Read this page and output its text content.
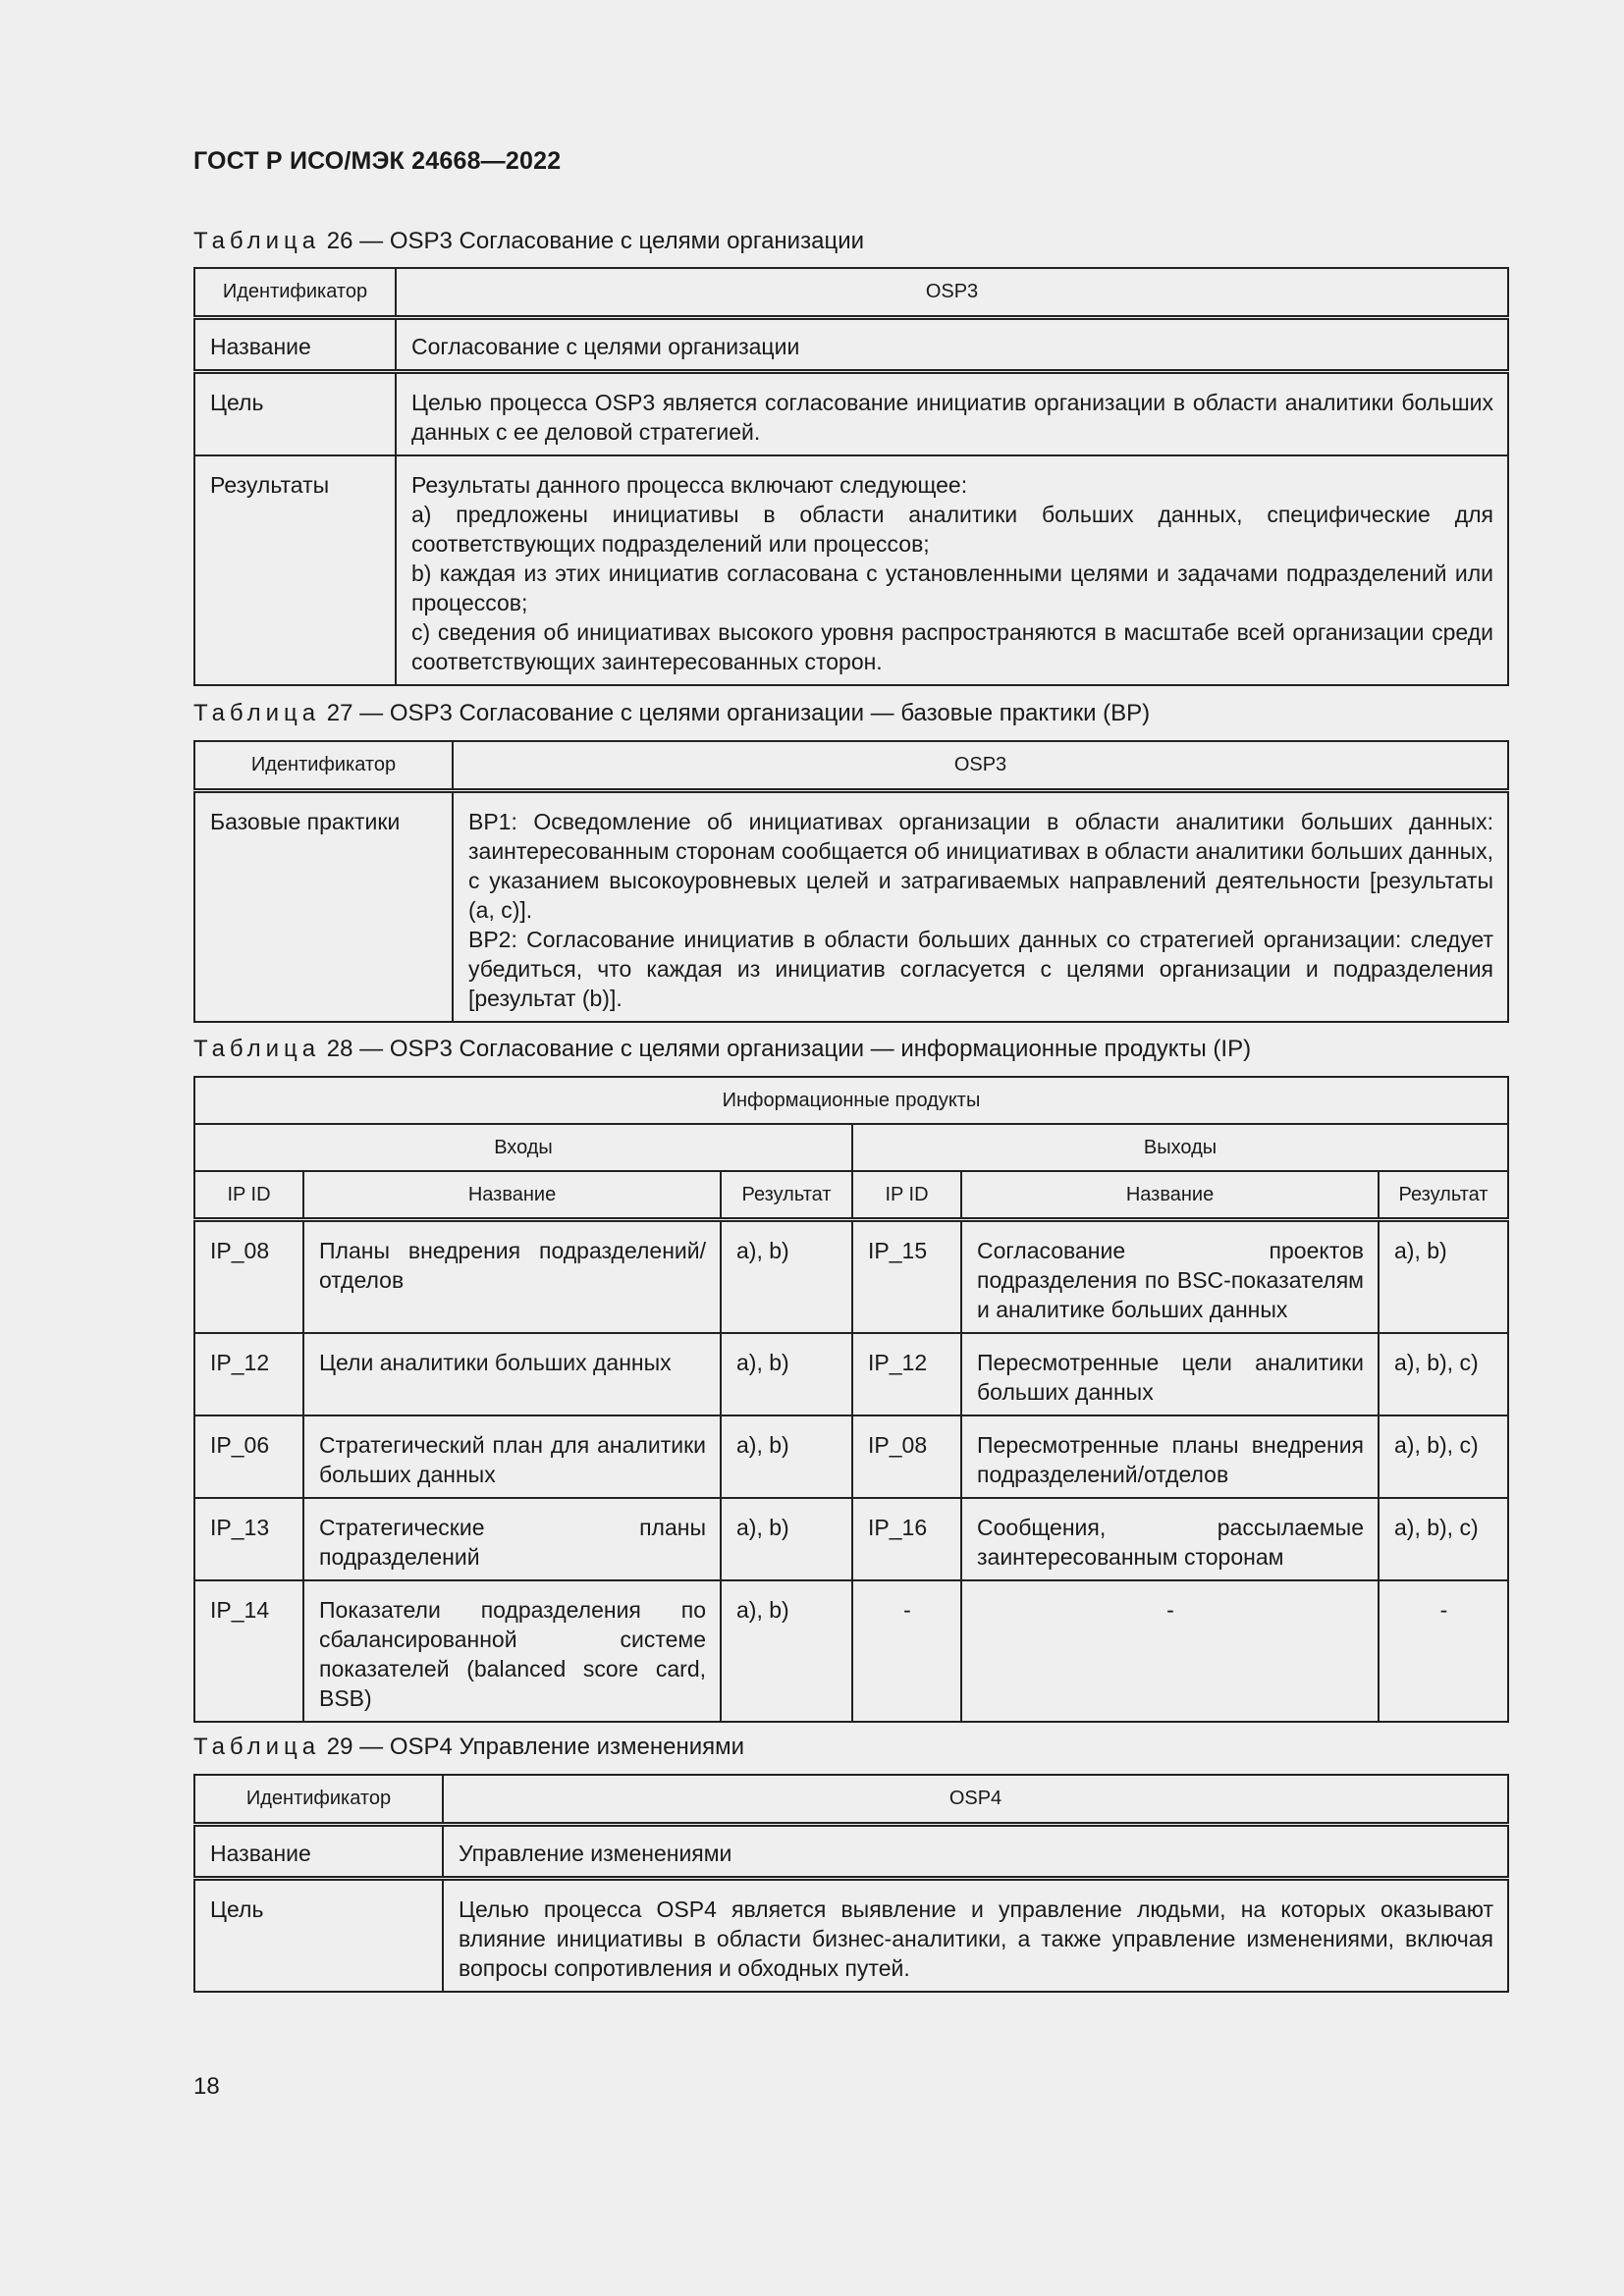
ГОСТ Р ИСО/МЭК 24668—2022
Таблица 26 — OSP3 Согласование с целями организации
Идентификатор	OSP3
Название	Согласование с целями организации
Цель	Целью процесса OSP3 является согласование инициатив организации в области аналитики больших данных с ее деловой стратегией.
Результаты	Результаты данного процесса включают следующее:
а) предложены инициативы в области аналитики больших данных, специфические для соответствующих подразделений или процессов;
b) каждая из этих инициатив согласована с установленными целями и задачами подразделений или процессов;
c) сведения об инициативах высокого уровня распространяются в масштабе всей организации среди соответствующих заинтересованных сторон.
Таблица 27 — OSP3 Согласование с целями организации — базовые практики (BP)
Идентификатор	OSP3
Базовые практики	BP1: Осведомление об инициативах организации в области аналитики больших данных: заинтересованным сторонам сообщается об инициативах в области аналитики больших данных, с указанием высокоуровневых целей и затрагиваемых направлений деятельности [результаты (a, c)].
BP2: Согласование инициатив в области больших данных со стратегией организации: следует убедиться, что каждая из инициатив согласуется с целями организации и подразделения [результат (b)].
Таблица 28 — OSP3 Согласование с целями организации — информационные продукты (IP)
Информационные продукты					
Входы			Выходы		
IP ID	Название	Результат	IP ID	Название	Результат
IP_08	Планы внедрения подразделений/отделов	a), b)	IP_15	Согласование проектов подразделения по BSC-показателям и аналитике больших данных	a), b)
IP_12	Цели аналитики больших данных	a), b)	IP_12	Пересмотренные цели аналитики больших данных	a), b), c)
IP_06	Стратегический план для аналитики больших данных	a), b)	IP_08	Пересмотренные планы внедрения подразделений/отделов	a), b), c)
IP_13	Стратегические планы подразделений	a), b)	IP_16	Сообщения, рассылаемые заинтересованным сторонам	a), b), c)
IP_14	Показатели подразделения по сбалансированной системе показателей (balanced score card, BSB)	a), b)	-	-	-
Таблица 29 — OSP4 Управление изменениями
Идентификатор	OSP4
Название	Управление изменениями
Цель	Целью процесса OSP4 является выявление и управление людьми, на которых оказывают влияние инициативы в области бизнес-аналитики, а также управление изменениями, включая вопросы сопротивления и обходных путей.
18
